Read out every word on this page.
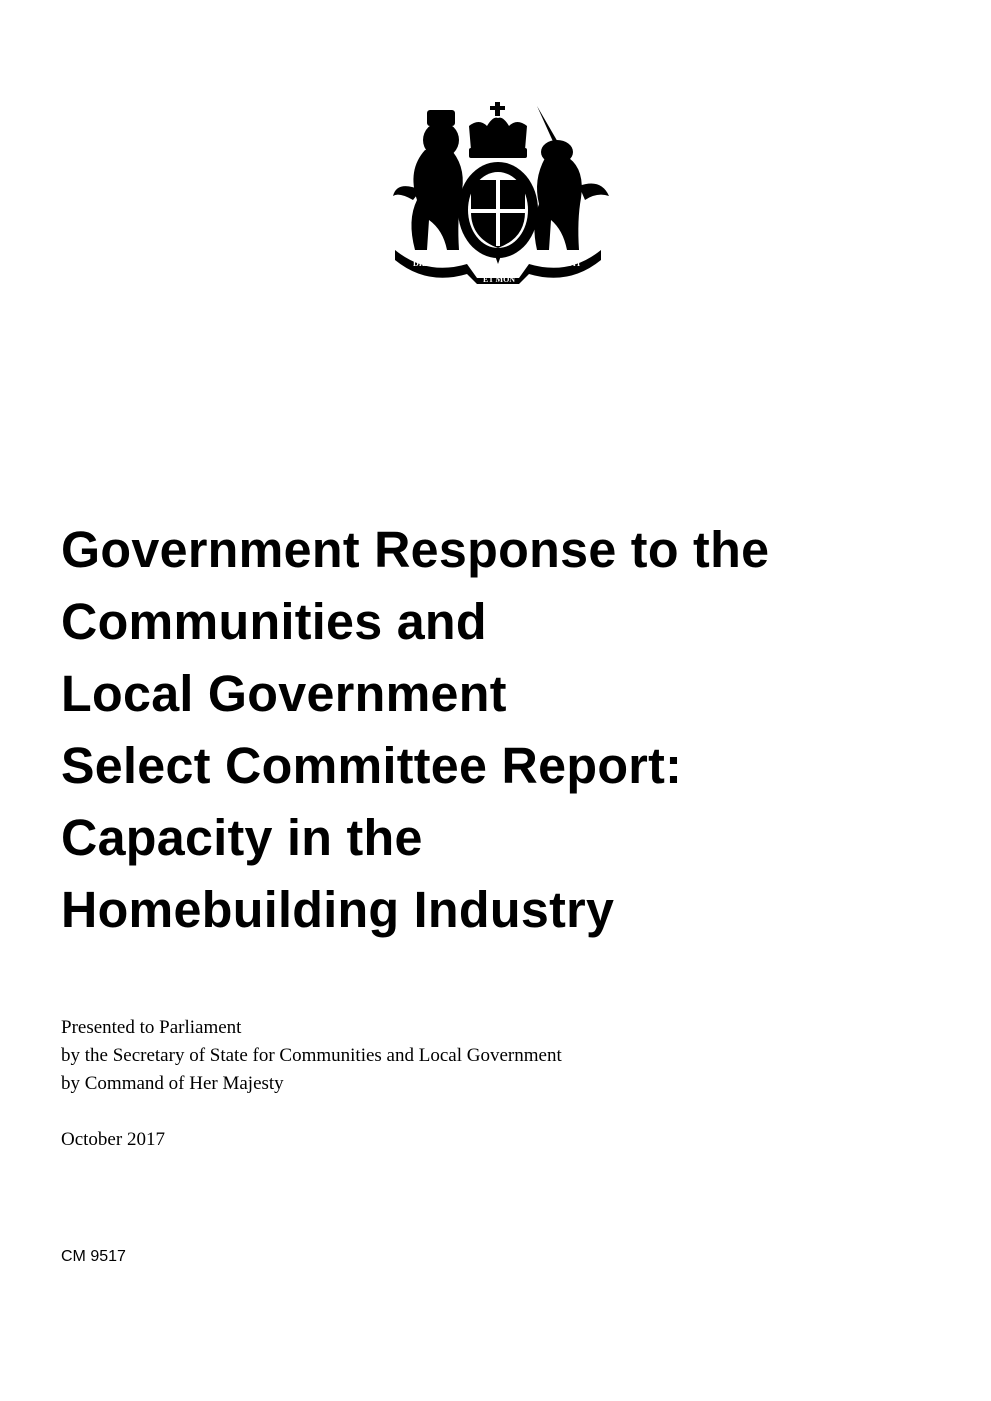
DIEU
ET MON
DROIT
Government Response to the
Communities and
Local Government
Select Committee Report:
Capacity in the
Homebuilding Industry
Presented to Parliament
by the Secretary of State for Communities and Local Government
by Command of Her Majesty
October 2017
CM 9517
